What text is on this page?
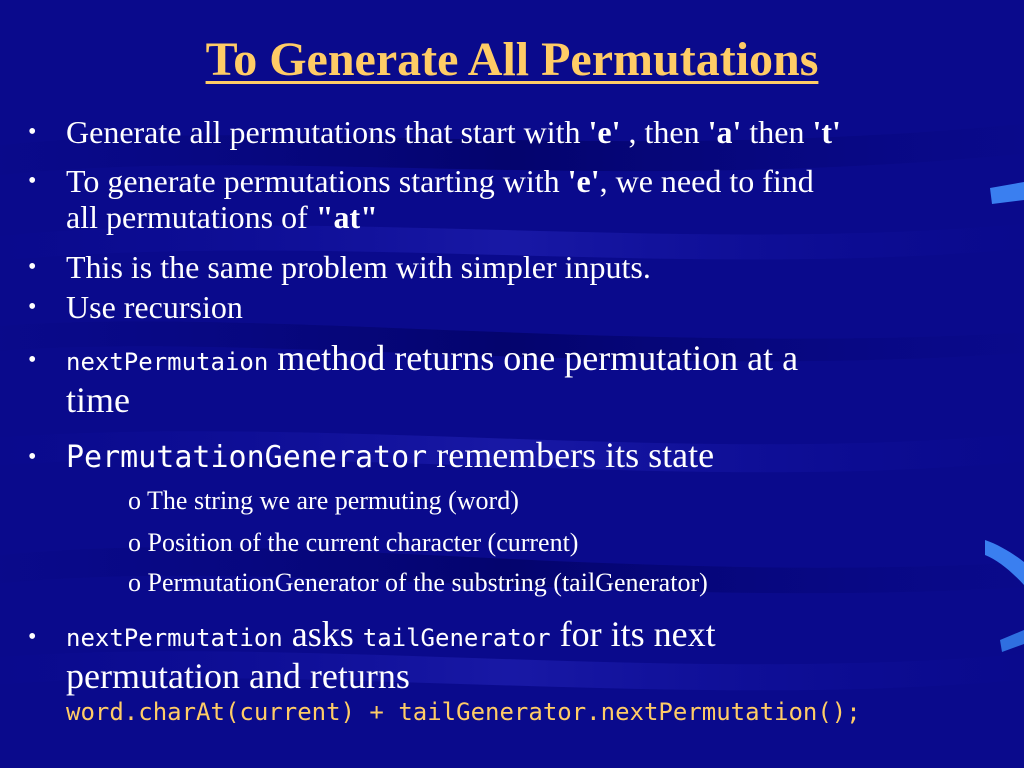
To Generate All Permutations
• Generate all permutations that start with 'e' , then 'a' then 't'
• To generate permutations starting with 'e', we need to find
all permutations of "at"
• This is the same problem with simpler inputs.
• Use recursion
• nextPermutaion method returns one permutation at a
time
• PermutationGenerator remembers its state
o The string we are permuting (word)
o Position of the current character (current)
o PermutationGenerator of the substring (tailGenerator)
• nextPermutation asks tailGenerator for its next
permutation and returns
word.charAt(current) + tailGenerator.nextPermutation();
